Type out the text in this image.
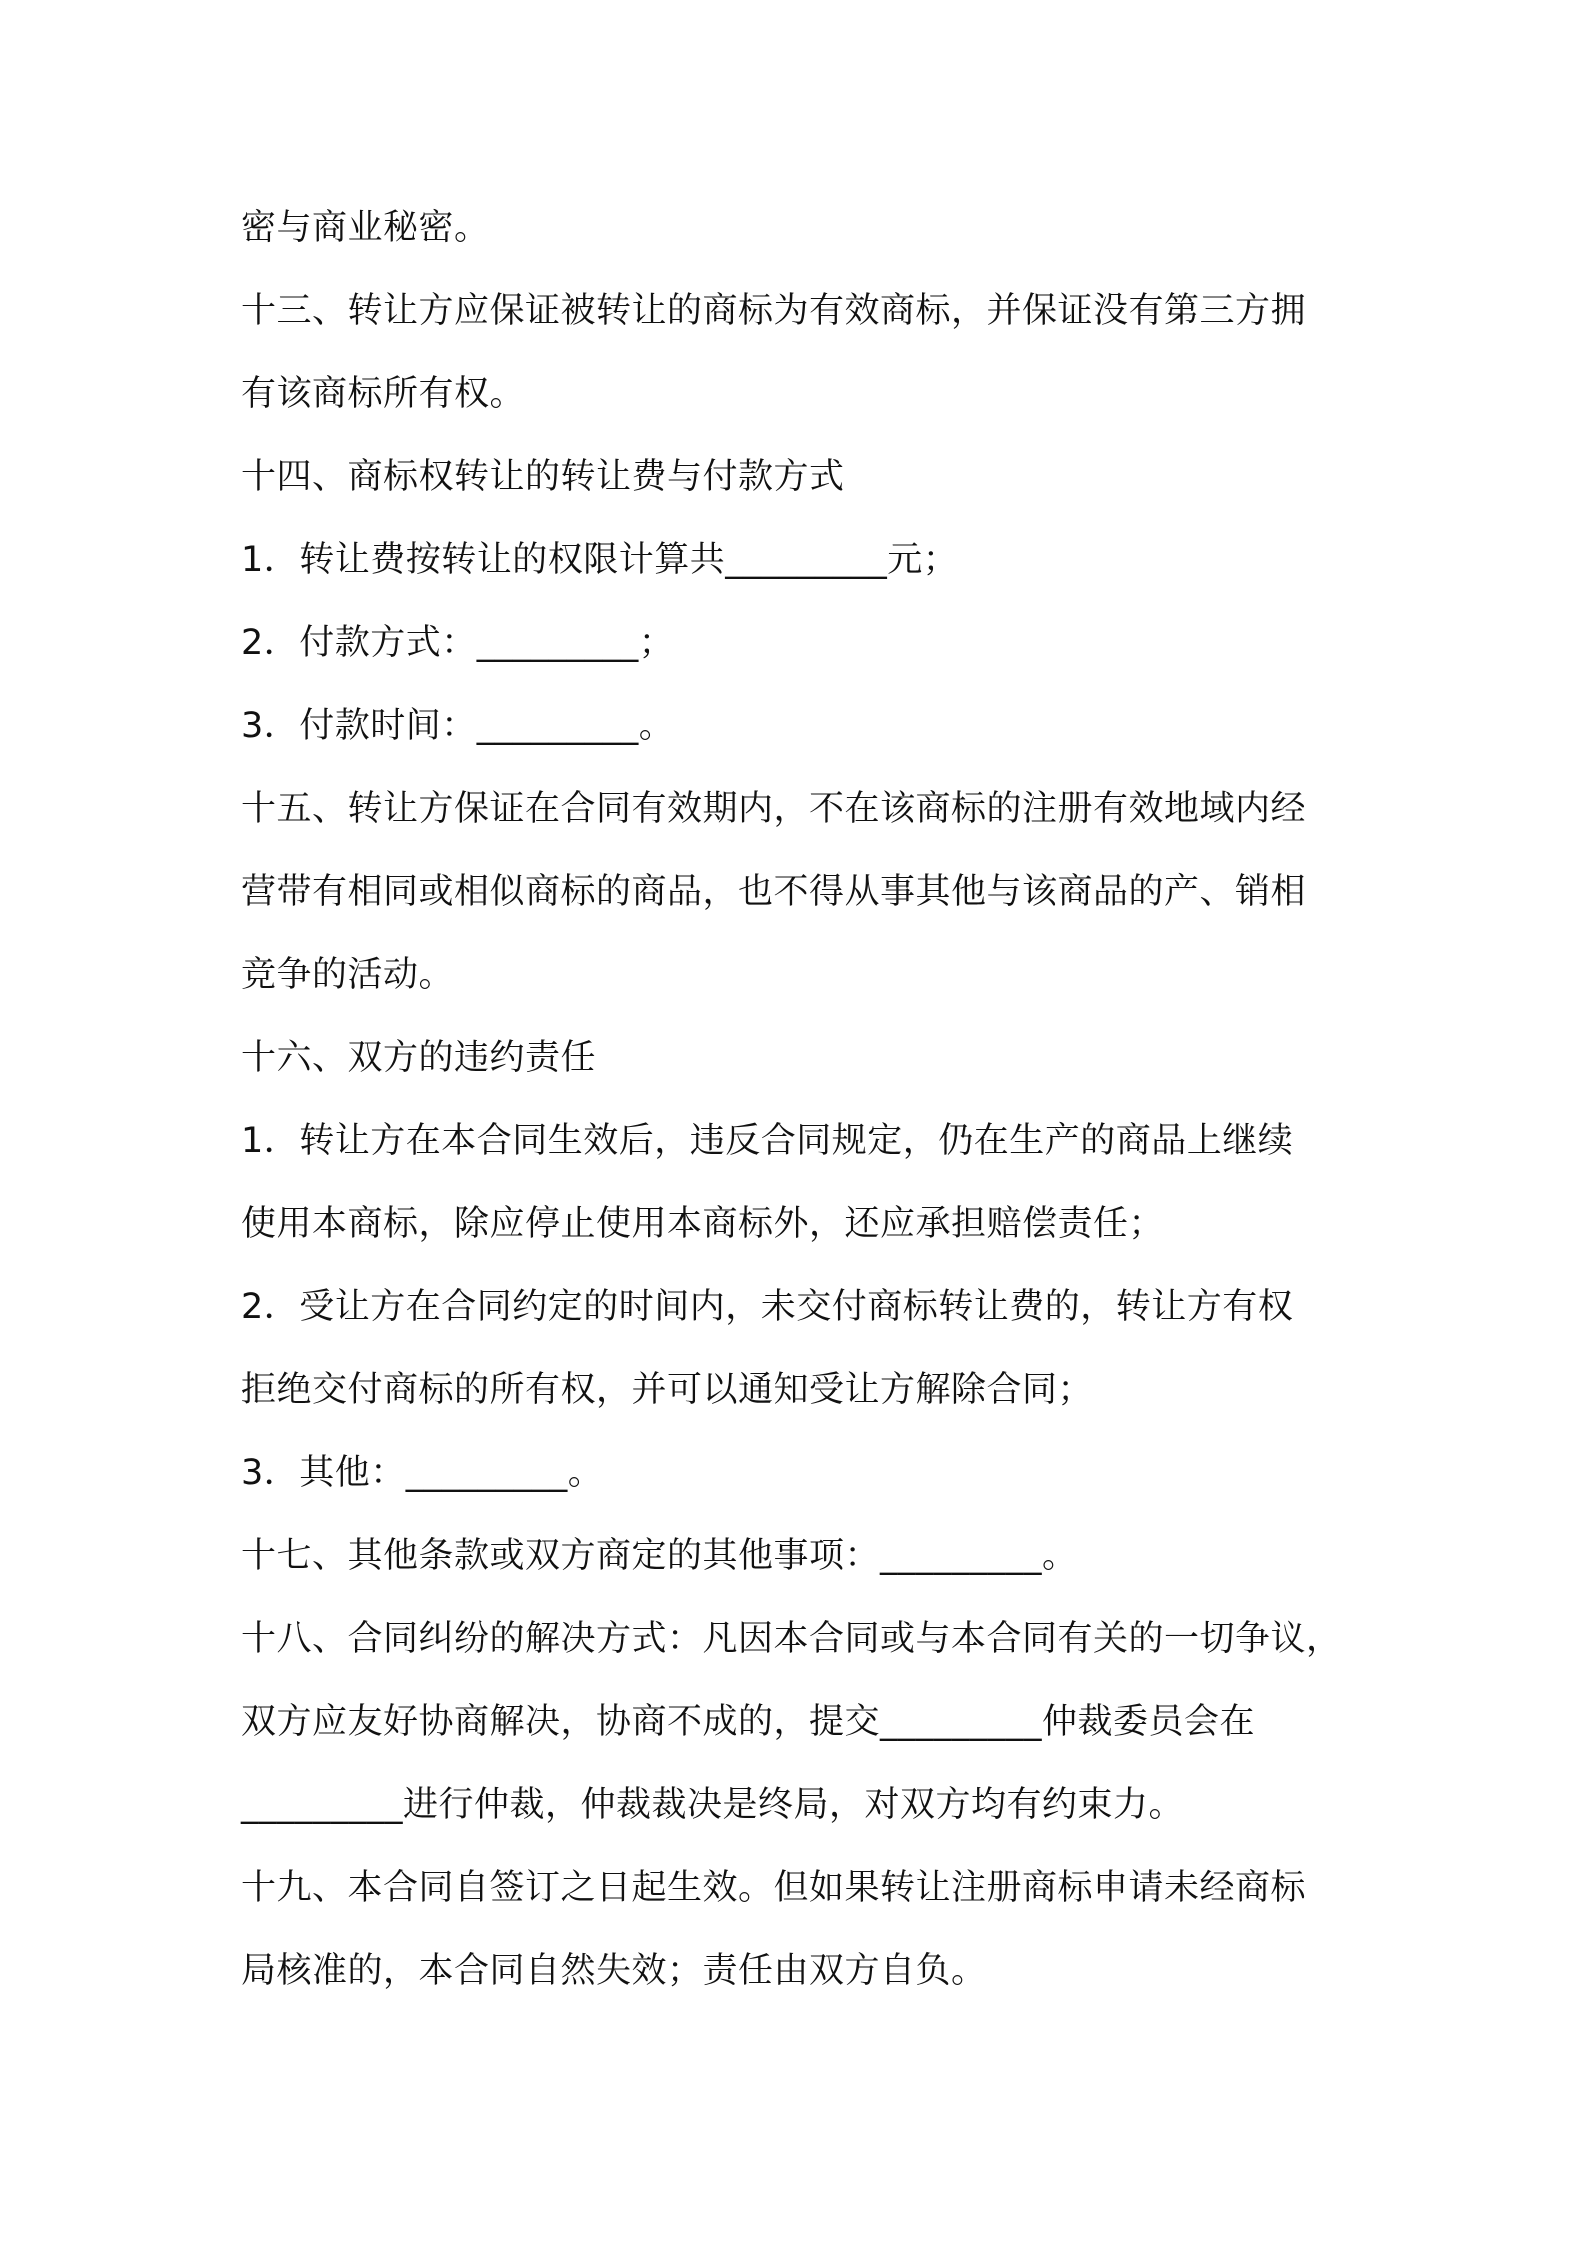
密与商业秘密。
十三、转让方应保证被转让的商标为有效商标，并保证没有第三方拥
有该商标所有权。
十四、商标权转让的转让费与付款方式
1．转让费按转让的权限计算共_________元；
2．付款方式：_________；
3．付款时间：_________。
十五、转让方保证在合同有效期内，不在该商标的注册有效地域内经
营带有相同或相似商标的商品，也不得从事其他与该商品的产、销相
竞争的活动。
十六、双方的违约责任
1．转让方在本合同生效后，违反合同规定，仍在生产的商品上继续
使用本商标，除应停止使用本商标外，还应承担赔偿责任；
2．受让方在合同约定的时间内，未交付商标转让费的，转让方有权
拒绝交付商标的所有权，并可以通知受让方解除合同；
3．其他：_________。
十七、其他条款或双方商定的其他事项：_________。
十八、合同纠纷的解决方式：凡因本合同或与本合同有关的一切争议，
双方应友好协商解决，协商不成的，提交_________仲裁委员会在
_________进行仲裁，仲裁裁决是终局，对双方均有约束力。
十九、本合同自签订之日起生效。但如果转让注册商标申请未经商标
局核准的，本合同自然失效；责任由双方自负。
